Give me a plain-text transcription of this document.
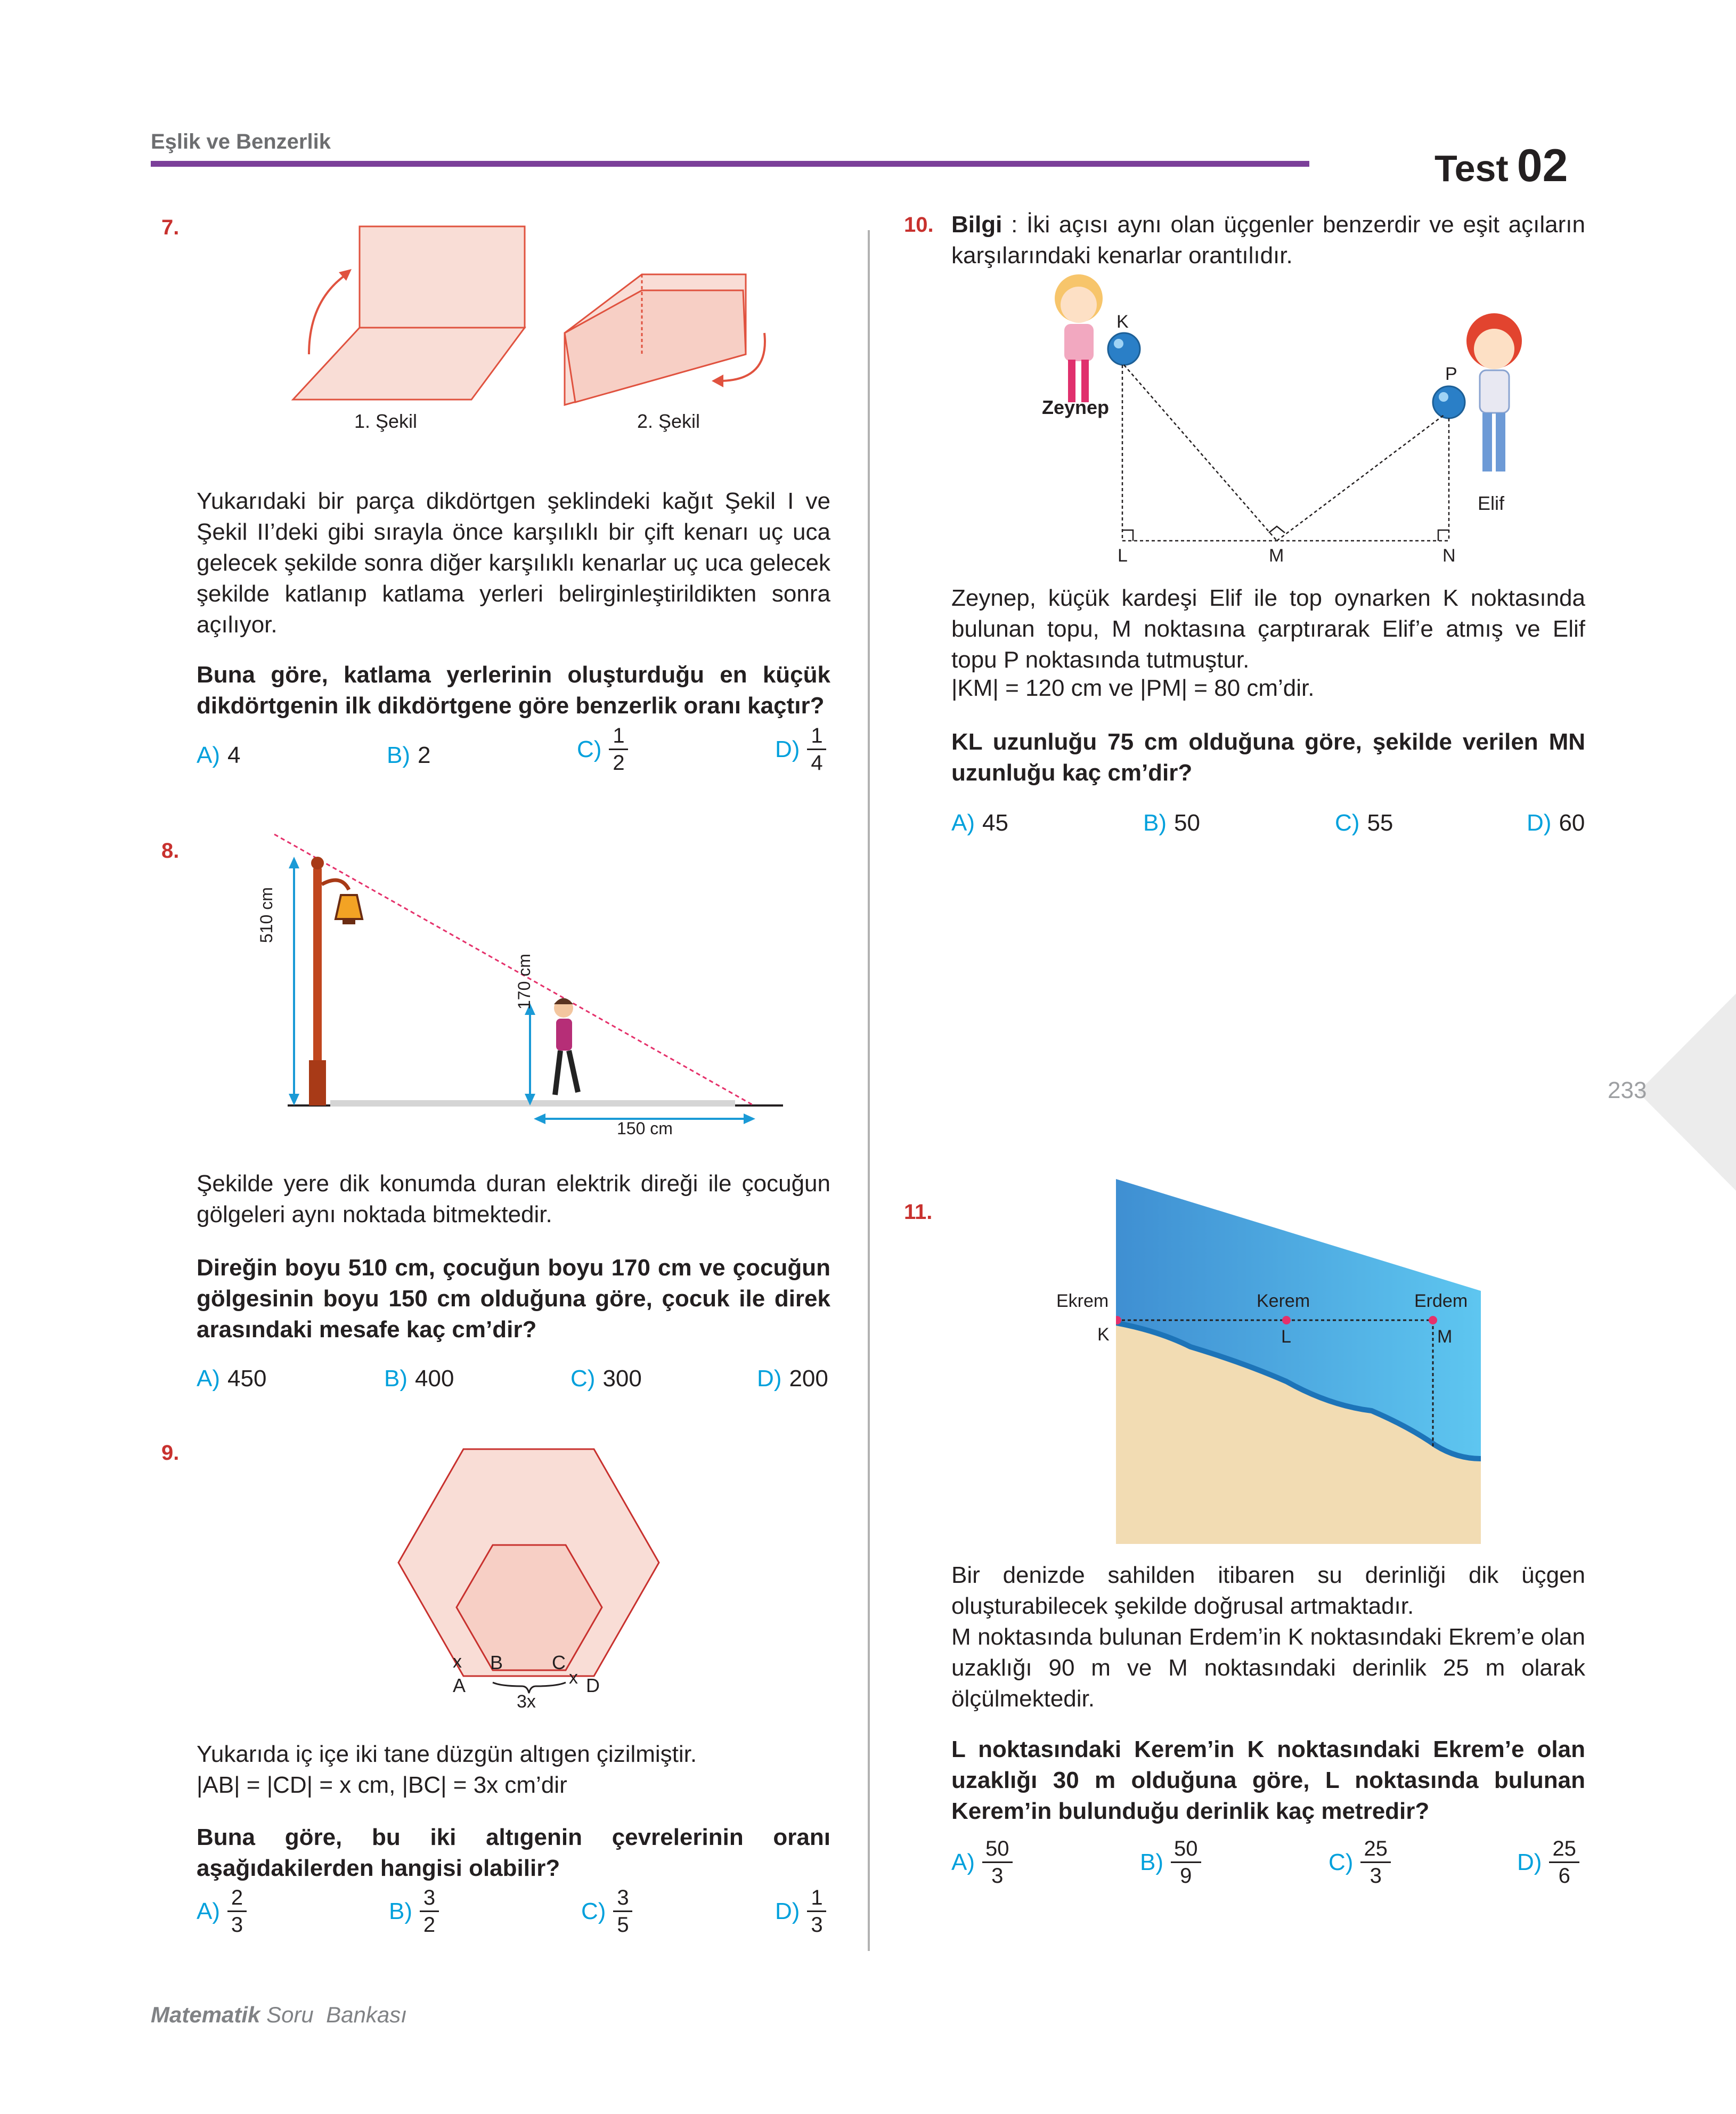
Eşlik ve Benzerlik
Test 02
7.
1. Şekil	2. Şekil
Yukarıdaki bir parça dikdörtgen şeklindeki kağıt Şekil I ve Şekil II’deki gibi sırayla önce karşılıklı bir çift kenarı uç uca gelecek şekilde sonra diğer karşılıklı kenarlar uç uca gelecek şekilde katlanıp katlama yerleri belirginleştirildikten sonra açılıyor.
Buna göre, katlama yerlerinin oluşturduğu en küçük dikdörtgenin ilk dikdörtgene göre benzerlik oranı kaçtır?
A) 4	B) 2	$C) \frac{1}{2}$	$D) \frac{1}{4}$
8.
510 cm
170 cm
150 cm
Şekilde yere dik konumda duran elektrik direği ile çocuğun gölgeleri aynı noktada bitmektedir.
Direğin boyu 510 cm, çocuğun boyu 170 cm ve çocuğun gölgesinin boyu 150 cm olduğuna göre, çocuk ile direk arasındaki mesafe kaç cm’dir?
A) 450	B) 400	C) 300	D) 200
9.
x B	C
x
A	D
3x
Yukarıda iç içe iki tane düzgün altıgen çizilmiştir.
|AB| = |CD| = x cm, |BC| = 3x cm’dir
Buna göre, bu iki altıgenin çevrelerinin oranı aşağıdakilerden hangisi olabilir?
$A) \frac{2}{3}$	$B) \frac{3}{2}$	$C) \frac{3}{5}$	$D) \frac{1}{3}$
10. Bilgi : İki açısı aynı olan üçgenler benzerdir ve eşit açıların karşılarındaki kenarlar orantılıdır.
K
P
Zeynep
Elif
L	M	N
Zeynep, küçük kardeşi Elif ile top oynarken K noktasında bulunan topu, M noktasına çarptırarak Elif’e atmış ve Elif topu P noktasında tutmuştur.
|KM| = 120 cm ve |PM| = 80 cm’dir.
KL uzunluğu 75 cm olduğuna göre, şekilde verilen MN uzunluğu kaç cm’dir?
A) 45	B) 50	C) 55	D) 60
233
11.
Ekrem
K
Kerem
L
Erdem
M
Bir denizde sahilden itibaren su derinliği dik üçgen oluşturabilecek şekilde doğrusal artmaktadır.
M noktasında bulunan Erdem’in K noktasındaki Ekrem’e olan uzaklığı 90 m ve M noktasındaki derinlik 25 m olarak ölçülmektedir.
L noktasındaki Kerem’in K noktasındaki Ekrem’e olan uzaklığı 30 m olduğuna göre, L noktasında bulunan Kerem’in bulunduğu derinlik kaç metredir?
$A) \frac{50}{3}$	$B) \frac{50}{9}$	$C) \frac{25}{3}$	$D) \frac{25}{6}$
Matematik Soru  Bankası
